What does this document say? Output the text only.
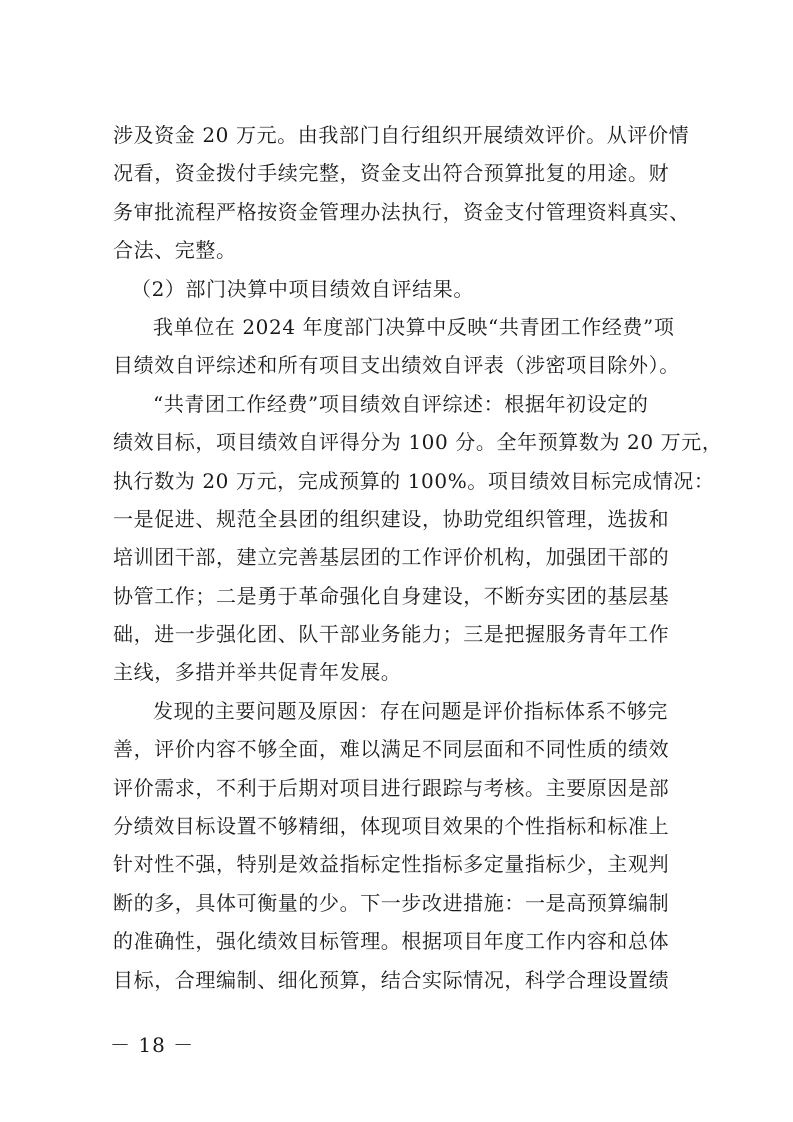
涉及资金 20 万元。由我部门自行组织开展绩效评价。从评价情
况看，资金拨付手续完整，资金支出符合预算批复的用途。财
务审批流程严格按资金管理办法执行，资金支付管理资料真实、
合法、完整。
（2）部门决算中项目绩效自评结果。
我单位在 2024 年度部门决算中反映“共青团工作经费”项
目绩效自评综述和所有项目支出绩效自评表（涉密项目除外）。
“共青团工作经费”项目绩效自评综述：根据年初设定的
绩效目标，项目绩效自评得分为 100 分。全年预算数为 20 万元，
执行数为 20 万元，完成预算的 100%。项目绩效目标完成情况：
一是促进、规范全县团的组织建设，协助党组织管理，选拔和
培训团干部，建立完善基层团的工作评价机构，加强团干部的
协管工作；二是勇于革命强化自身建设，不断夯实团的基层基
础，进一步强化团、队干部业务能力；三是把握服务青年工作
主线，多措并举共促青年发展。
发现的主要问题及原因：存在问题是评价指标体系不够完
善，评价内容不够全面，难以满足不同层面和不同性质的绩效
评价需求，不利于后期对项目进行跟踪与考核。主要原因是部
分绩效目标设置不够精细，体现项目效果的个性指标和标准上
针对性不强，特别是效益指标定性指标多定量指标少，主观判
断的多，具体可衡量的少。下一步改进措施：一是高预算编制
的准确性，强化绩效目标管理。根据项目年度工作内容和总体
目标，合理编制、细化预算，结合实际情况，科学合理设置绩
－ 18 －
